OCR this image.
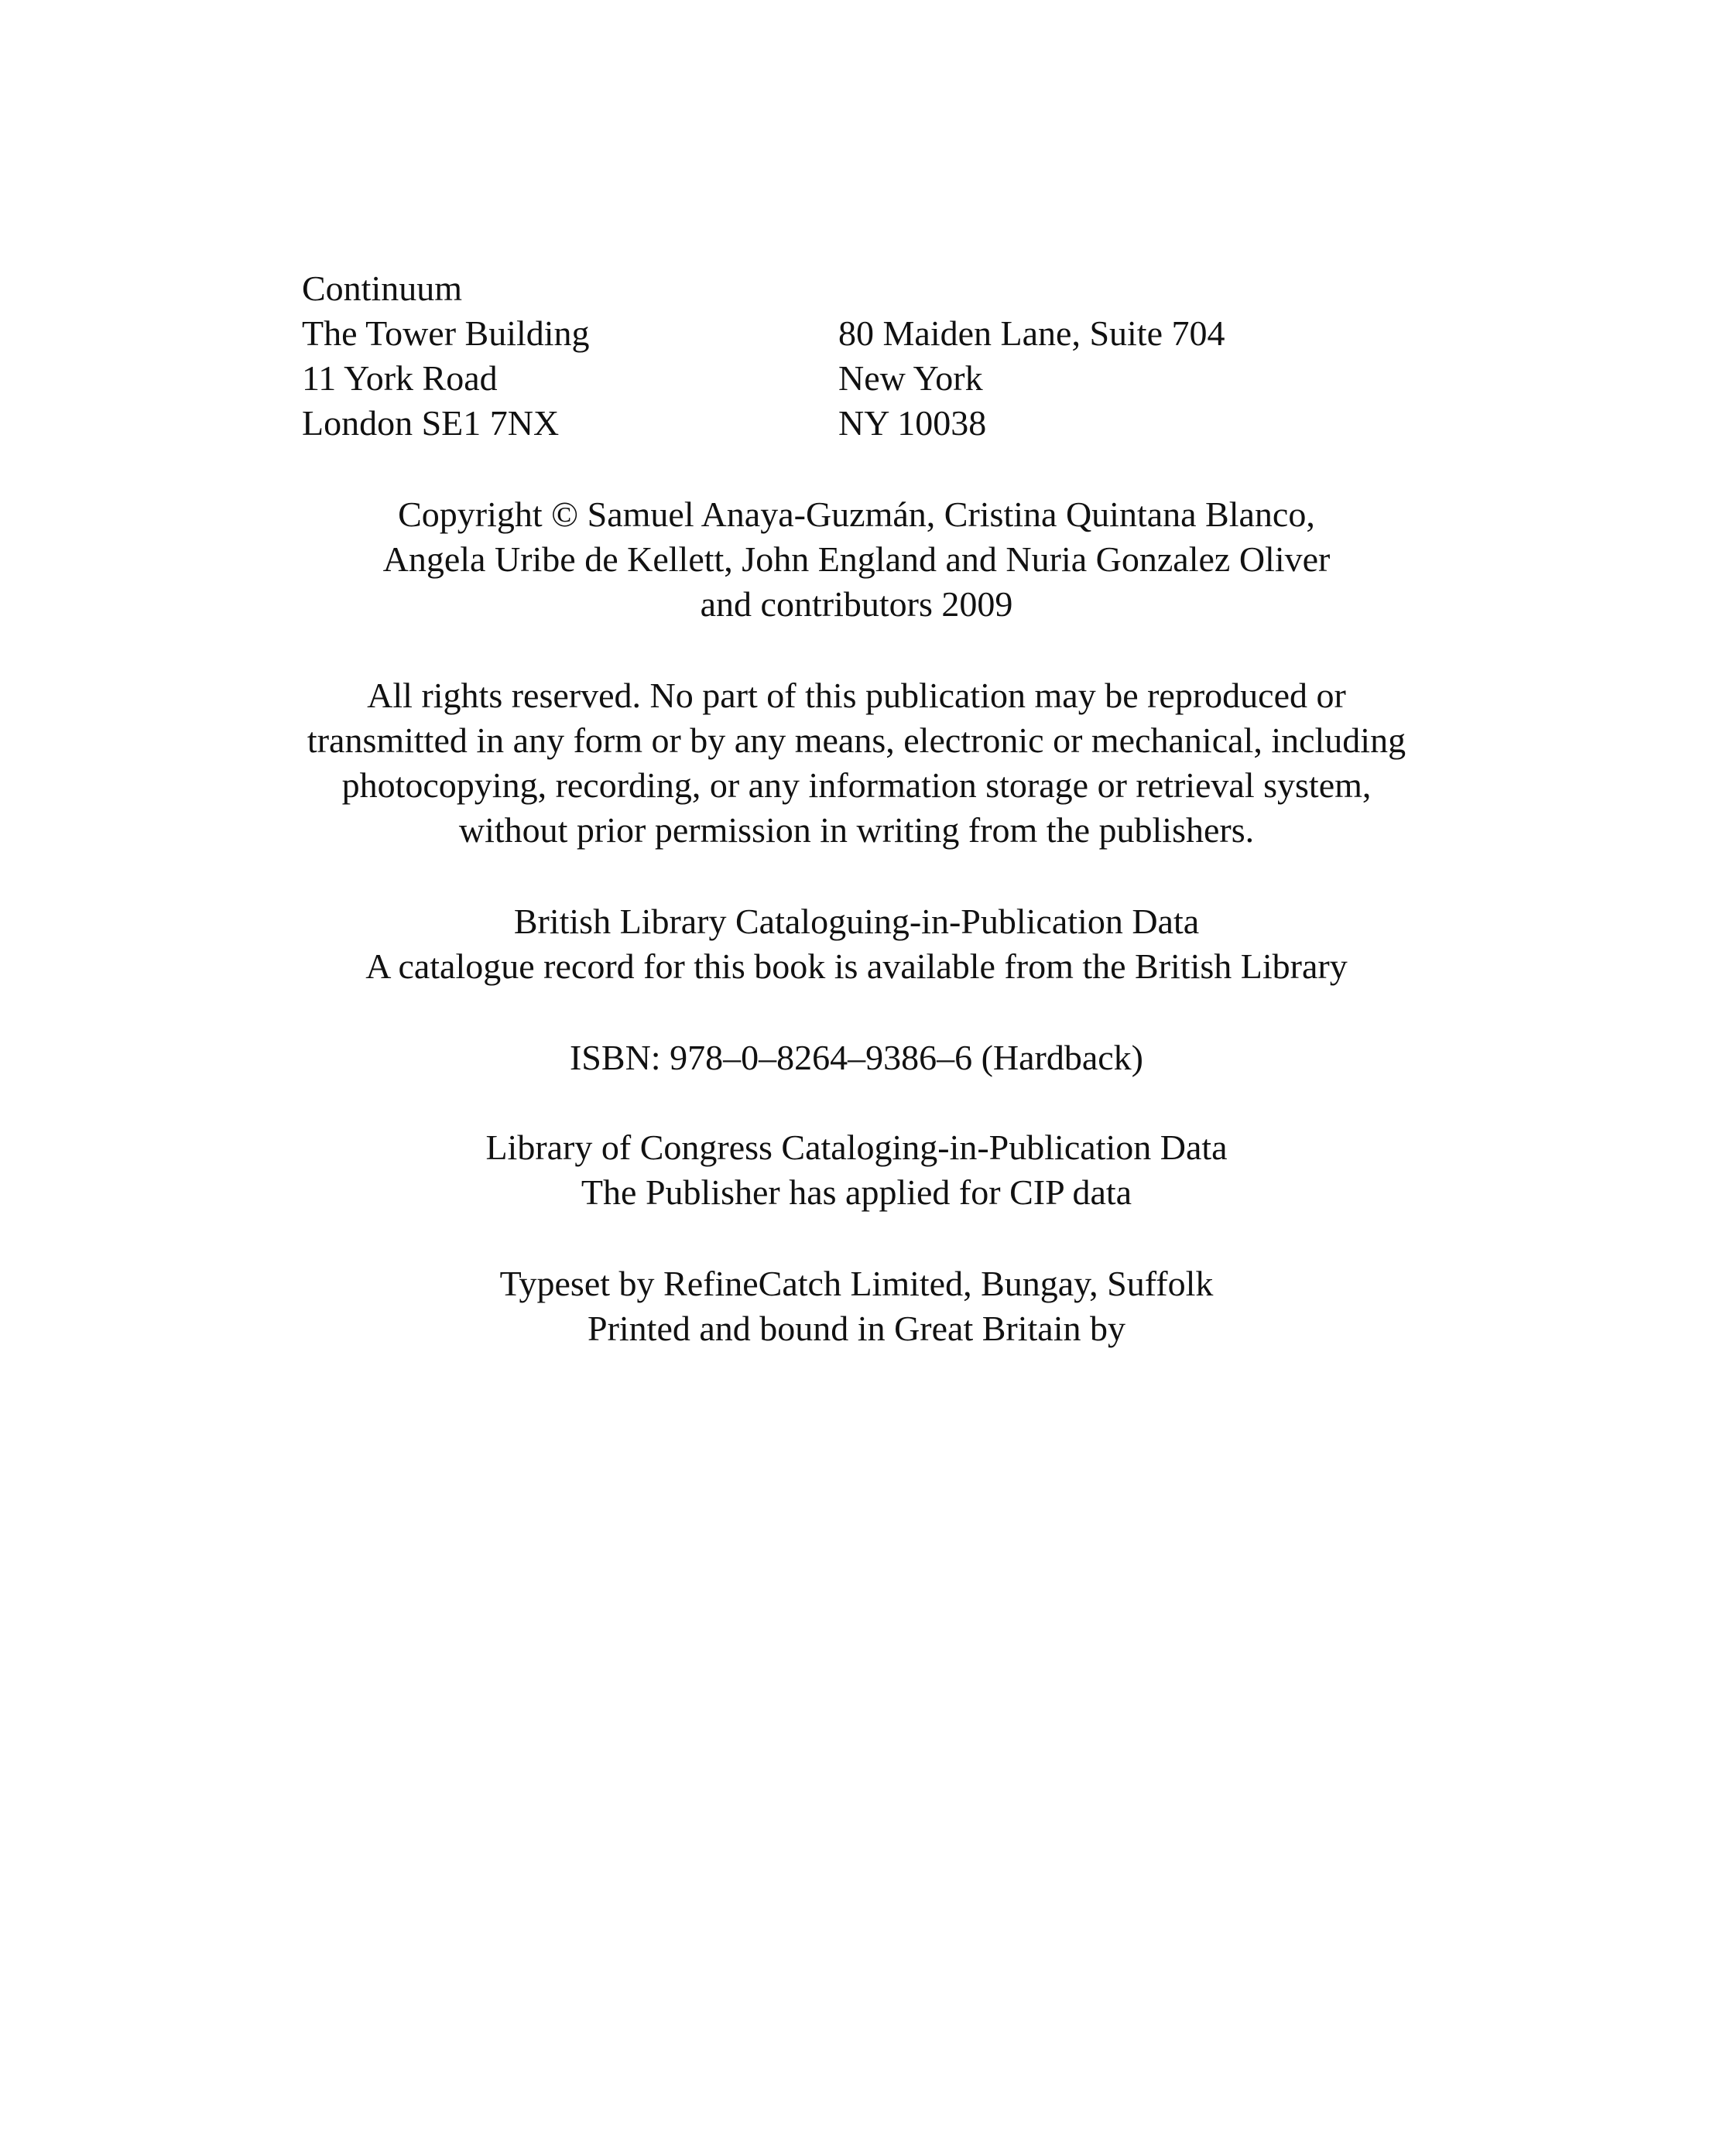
Continuum
The Tower Building
11 York Road
London SE1 7NX
80 Maiden Lane, Suite 704
New York
NY 10038
Copyright © Samuel Anaya-Guzmán, Cristina Quintana Blanco,
Angela Uribe de Kellett, John England and Nuria Gonzalez Oliver
and contributors 2009
All rights reserved. No part of this publication may be reproduced or
transmitted in any form or by any means, electronic or mechanical, including
photocopying, recording, or any information storage or retrieval system,
without prior permission in writing from the publishers.
British Library Cataloguing-in-Publication Data
A catalogue record for this book is available from the British Library
ISBN: 978–0–8264–9386–6 (Hardback)
Library of Congress Cataloging-in-Publication Data
The Publisher has applied for CIP data
Typeset by RefineCatch Limited, Bungay, Suffolk
Printed and bound in Great Britain by
